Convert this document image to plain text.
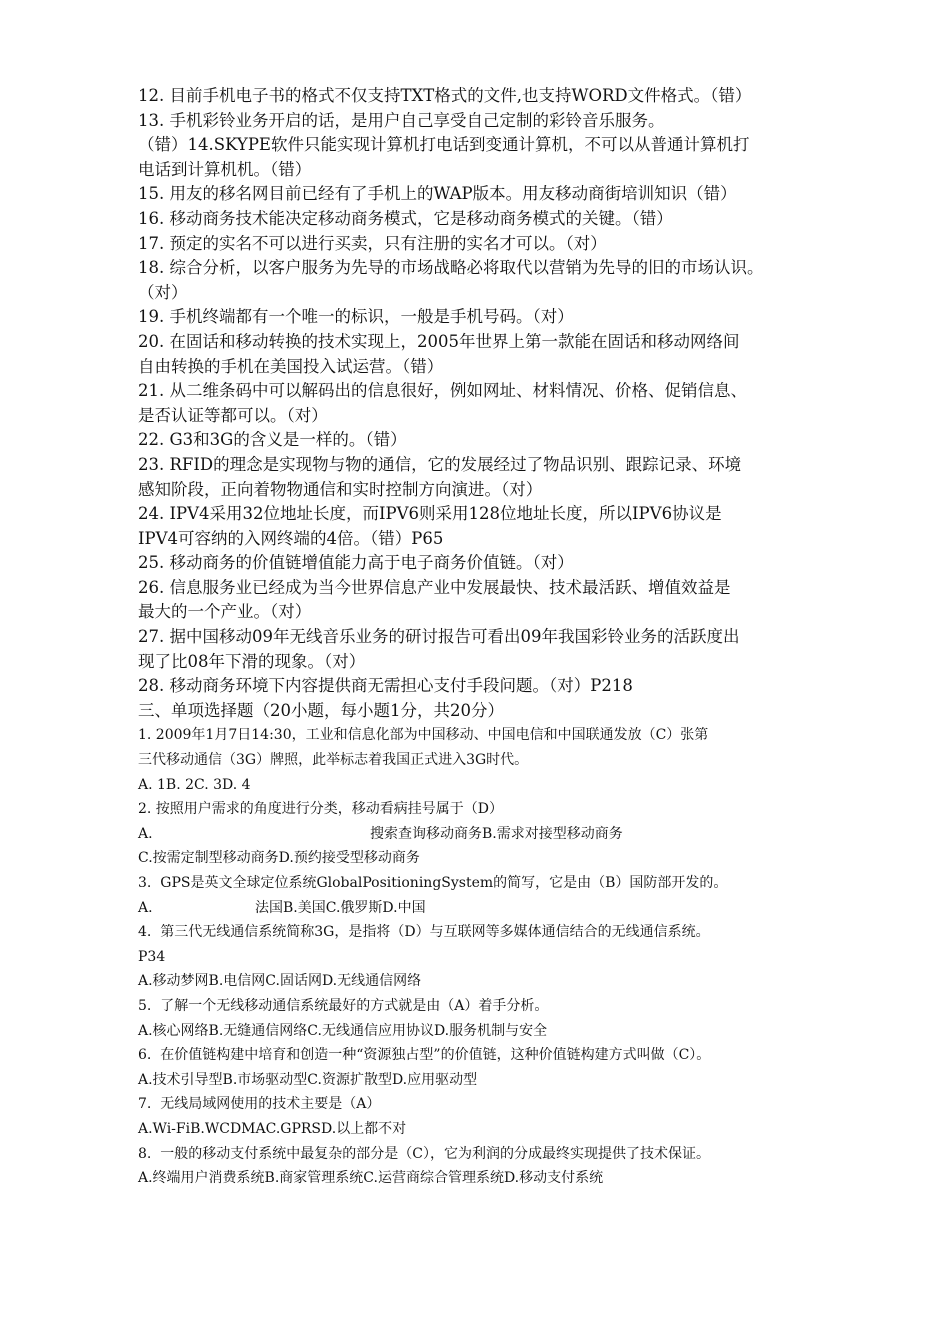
12. 目前手机电子书的格式不仅支持TXT格式的文件,也支持WORD文件格式。（错）
13. 手机彩铃业务开启的话，是用户自己享受自己定制的彩铃音乐服务。
（错）14.SKYPE软件只能实现计算机打电话到变通计算机，不可以从普通计算机打
电话到计算机机。（错）
15. 用友的移名网目前已经有了手机上的WAP版本。用友移动商街培训知识（错）
16. 移动商务技术能决定移动商务模式，它是移动商务模式的关键。（错）
17. 预定的实名不可以进行买卖，只有注册的实名才可以。（对）
18. 综合分析，以客户服务为先导的市场战略必将取代以营销为先导的旧的市场认识。
（对）
19. 手机终端都有一个唯一的标识，一般是手机号码。（对）
20. 在固话和移动转换的技术实现上，2005年世界上第一款能在固话和移动网络间
自由转换的手机在美国投入试运营。（错）
21. 从二维条码中可以解码出的信息很好，例如网址、材料情况、价格、促销信息、
是否认证等都可以。（对）
22. G3和3G的含义是一样的。（错）
23. RFID的理念是实现物与物的通信，它的发展经过了物品识别、跟踪记录、环境
感知阶段，正向着物物通信和实时控制方向演进。（对）
24. IPV4采用32位地址长度，而IPV6则采用128位地址长度，所以IPV6协议是
IPV4可容纳的入网终端的4倍。（错）P65
25. 移动商务的价值链增值能力高于电子商务价值链。（对）
26. 信息服务业已经成为当今世界信息产业中发展最快、技术最活跃、增值效益是
最大的一个产业。（对）
27. 据中国移动09年无线音乐业务的研讨报告可看出09年我国彩铃业务的活跃度出
现了比08年下滑的现象。（对）
28. 移动商务环境下内容提供商无需担心支付手段问题。（对）P218
三、单项选择题（20小题，每小题1分，共20分）
1. 2009年1月7日14:30，工业和信息化部为中国移动、中国电信和中国联通发放（C）张第
三代移动通信（3G）牌照，此举标志着我国正式进入3G时代。
A. 1B. 2C. 3D. 4
2. 按照用户需求的角度进行分类，移动看病挂号属于（D）
A.	搜索查询移动商务B.需求对接型移动商务
C.按需定制型移动商务D.预约接受型移动商务
3.  GPS是英文全球定位系统GlobalPositioningSystem的简写，它是由（B）国防部开发的。
A.	法国B.美国C.俄罗斯D.中国
4.  第三代无线通信系统简称3G，是指将（D）与互联网等多媒体通信结合的无线通信系统。
P34
A.移动梦网B.电信网C.固话网D.无线通信网络
5.  了解一个无线移动通信系统最好的方式就是由（A）着手分析。
A.核心网络B.无缝通信网络C.无线通信应用协议D.服务机制与安全
6.  在价值链构建中培育和创造一种“资源独占型”的价值链，这种价值链构建方式叫做（C）。
A.技术引导型B.市场驱动型C.资源扩散型D.应用驱动型
7.  无线局域网使用的技术主要是（A）
A.Wi-FiB.WCDMAC.GPRSD.以上都不对
8.  一般的移动支付系统中最复杂的部分是（C），它为利润的分成最终实现提供了技术保证。
A.终端用户消费系统B.商家管理系统C.运营商综合管理系统D.移动支付系统
